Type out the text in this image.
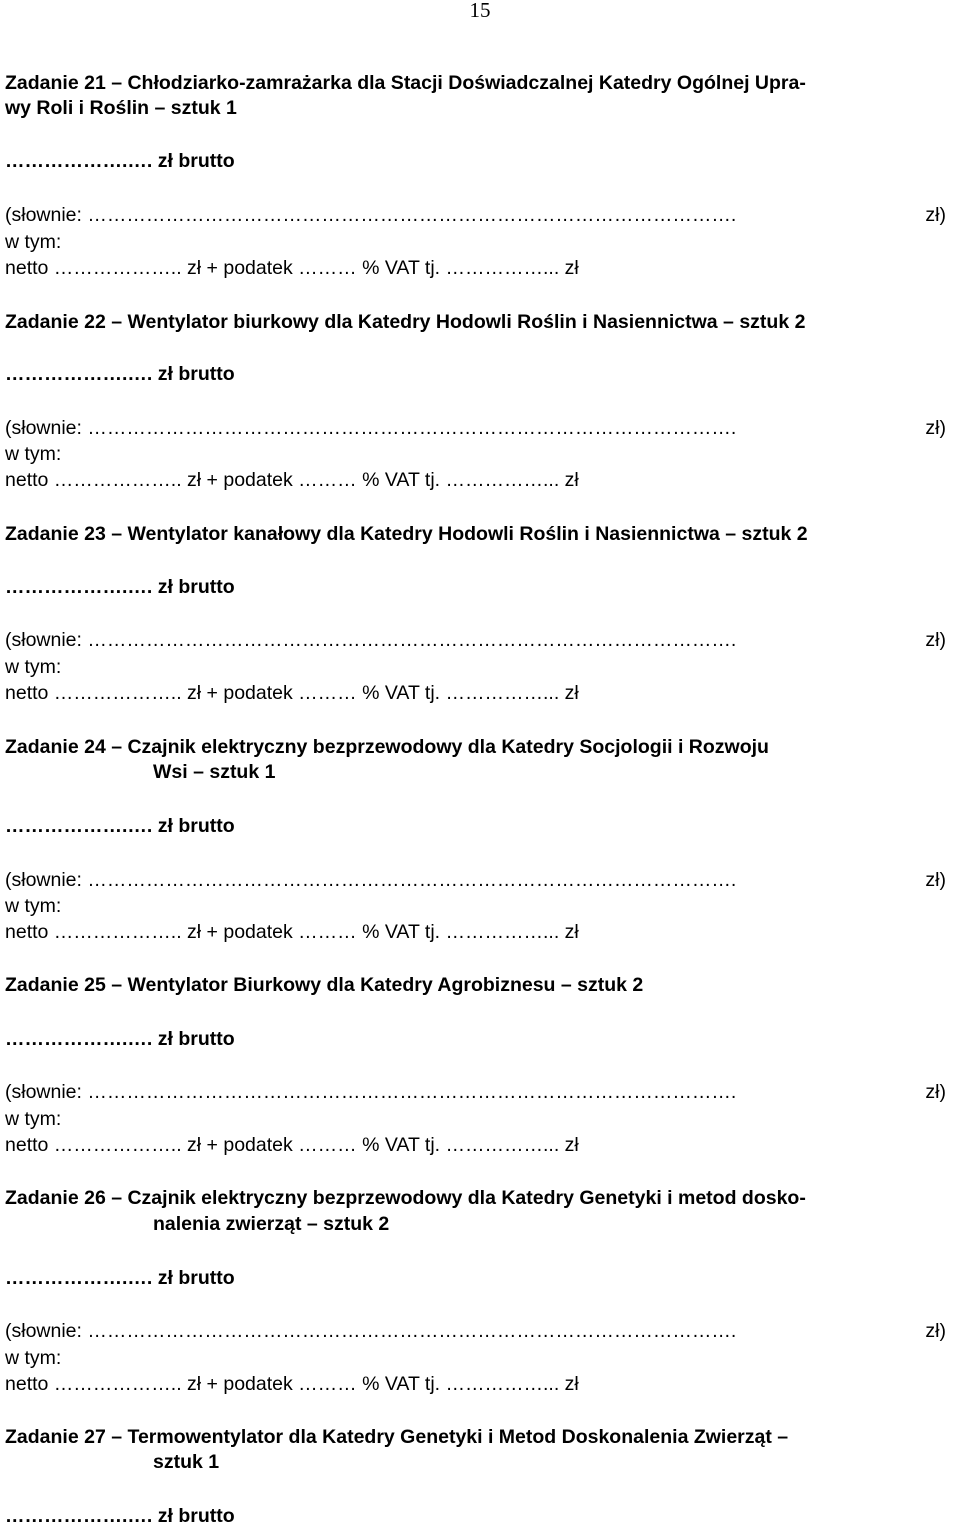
15
Zadanie 21 – Chłodziarko-zamrażarka dla Stacji Doświadczalnej Katedry Ogólnej Upra-
wy Roli i Roślin – sztuk 1
……………….…. zł brutto
(słownie: ……………………………………………………………………………………….	zł)
w tym:
netto ……………….. zł + podatek ……… % VAT tj. ……………... zł
Zadanie 22 – Wentylator biurkowy dla Katedry Hodowli Roślin i Nasiennictwa – sztuk 2
……………….…. zł brutto
(słownie: ……………………………………………………………………………………….	zł)
w tym:
netto ……………….. zł + podatek ……… % VAT tj. ……………... zł
Zadanie 23 – Wentylator kanałowy dla Katedry Hodowli Roślin i Nasiennictwa – sztuk 2
……………….…. zł brutto
(słownie: ……………………………………………………………………………………….	zł)
w tym:
netto ……………….. zł + podatek ……… % VAT tj. ……………... zł
Zadanie 24 – Czajnik elektryczny bezprzewodowy dla Katedry Socjologii i Rozwoju
Wsi – sztuk 1
……………….…. zł brutto
(słownie: ……………………………………………………………………………………….	zł)
w tym:
netto ……………….. zł + podatek ……… % VAT tj. ……………... zł
Zadanie 25 – Wentylator Biurkowy dla Katedry Agrobiznesu – sztuk 2
……………….…. zł brutto
(słownie: ……………………………………………………………………………………….	zł)
w tym:
netto ……………….. zł + podatek ……… % VAT tj. ……………... zł
Zadanie 26 – Czajnik elektryczny bezprzewodowy dla Katedry Genetyki i metod dosko-
nalenia zwierząt – sztuk 2
……………….…. zł brutto
(słownie: ……………………………………………………………………………………….	zł)
w tym:
netto ……………….. zł + podatek ……… % VAT tj. ……………... zł
Zadanie 27 – Termowentylator dla Katedry Genetyki i Metod Doskonalenia Zwierząt –
sztuk 1
……………….…. zł brutto
